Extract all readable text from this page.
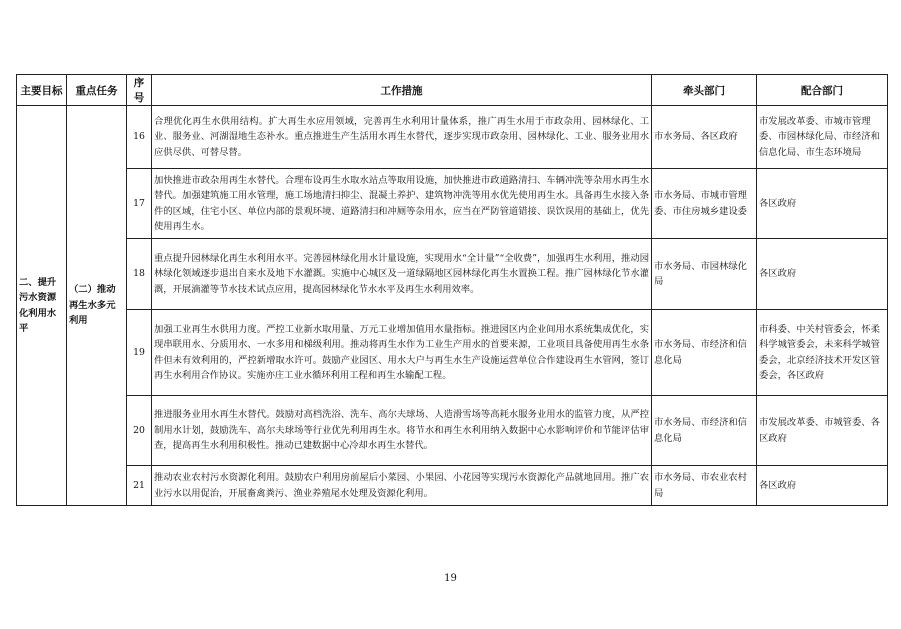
主要目标	重点任务	序号	工作措施	牵头部门	配合部门
二、提升污水资源化利用水平	（二）推动再生水多元利用	16	合理优化再生水供用结构。扩大再生水应用领域，完善再生水利用计量体系，推广再生水用于市政杂用、园林绿化、工业、服务业、河湖湿地生态补水。重点推进生产生活用水再生水替代，逐步实现市政杂用、园林绿化、工业、服务业用水应供尽供、可替尽替。	市水务局、各区政府	市发展改革委、市城市管理委、市园林绿化局、市经济和信息化局、市生态环境局
		17	加快推进市政杂用再生水替代。合理布设再生水取水站点等取用设施，加快推进市政道路清扫、车辆冲洗等杂用水再生水替代。加强建筑施工用水管理，施工场地清扫抑尘、混凝土养护、建筑物冲洗等用水优先使用再生水。具备再生水接入条件的区域，住宅小区、单位内部的景观环境、道路清扫和冲厕等杂用水，应当在严防管道错接、误饮误用的基础上，优先使用再生水。	市水务局、市城市管理委、市住房城乡建设委	各区政府
		18	重点提升园林绿化再生水利用水平。完善园林绿化用水计量设施，实现用水“全计量”“全收费”，加强再生水利用，推动园林绿化领域逐步退出自来水及地下水灌溉。实施中心城区及一道绿隔地区园林绿化再生水置换工程。推广园林绿化节水灌溉，开展滴灌等节水技术试点应用，提高园林绿化节水水平及再生水利用效率。	市水务局、市园林绿化局	各区政府
		19	加强工业再生水供用力度。严控工业新水取用量、万元工业增加值用水量指标。推进园区内企业间用水系统集成优化，实现串联用水、分质用水、一水多用和梯级利用。推动将再生水作为工业生产用水的首要来源，工业项目具备使用再生水条件但未有效利用的，严控新增取水许可。鼓励产业园区、用水大户与再生水生产设施运营单位合作建设再生水管网，签订再生水利用合作协议。实施亦庄工业水循环利用工程和再生水输配工程。	市水务局、市经济和信息化局	市科委、中关村管委会，怀柔科学城管委会，未来科学城管委会，北京经济技术开发区管委会，各区政府
		20	推进服务业用水再生水替代。鼓励对高档洗浴、洗车、高尔夫球场、人造滑雪场等高耗水服务业用水的监管力度，从严控制用水计划，鼓励洗车、高尔夫球场等行业优先利用再生水。将节水和再生水利用纳入数据中心水影响评价和节能评估审查，提高再生水利用积极性。推动已建数据中心冷却水再生水替代。	市水务局、市经济和信息化局	市发展改革委、市城管委、各区政府
		21	推动农业农村污水资源化利用。鼓励农户利用房前屋后小菜园、小果园、小花园等实现污水资源化产品就地回用。推广农业污水以用促治，开展畜禽粪污、渔业养殖尾水处理及资源化利用。	市水务局、市农业农村局	各区政府
19
